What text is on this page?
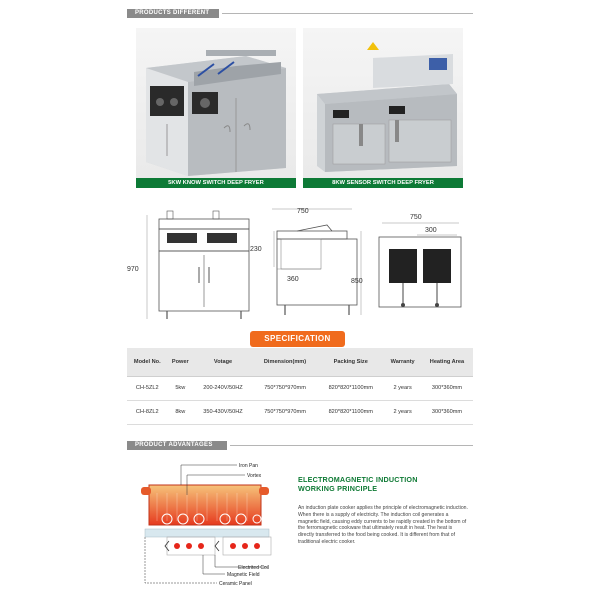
PRODUCTS DIFFERENT
5KW KNOW SWITCH DEEP FRYER	8KW SENSOR SWITCH DEEP FRYER
970
750
230
360	850
750
300
SPECIFICATION
Model No.	Power	Votage	Dimension(mm)	Packing Size	Warranty	Heating Area
CH-5ZL2	5kw	200-240V/50HZ	750*750*970mm	820*820*1100mm	2 years	300*360mm
CH-8ZL2	8kw	350-430V/50HZ	750*750*970mm	820*820*1100mm	2 years	300*360mm
PRODUCT ADVANTAGES
Iron Pan
Vortex
Electrited Coil
Magnetic Field
Ceramic Panel
ELECTROMAGNETIC INDUCTION
WORKING PRINCIPLE
An induction plate cooker applies the principle of electromagnetic induction. When there is a supply of electricity. The induction coil generates a magnetic field, causing eddy currents to be rapidly created in the bottom of the ferromagnetic cookware that ultimately result in heat. The heat is directly transferred to the food being cooked. It is different from that of traditional electric cooker.
